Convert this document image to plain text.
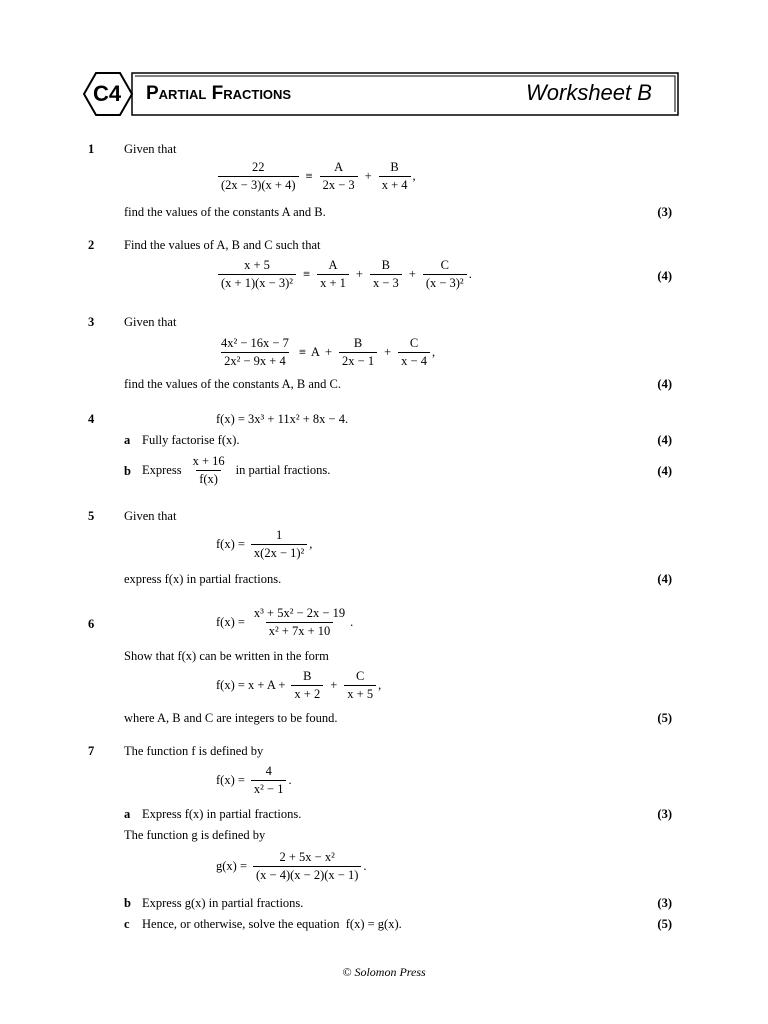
C4	Partial Fractions	Worksheet B
1 Given that
$\frac{22}{(2x - 3)(x + 4)} \equiv \frac{A}{2x - 3} + \frac{B}{x + 4}$ ,
find the values of the constants A and B.	(3)
2 Find the values of A, B and C such that
$\frac{x + 5}{\text{(x + 1)(x − 3)²}} \equiv \frac{A}{x + 1} + \frac{B}{x - 3} + \frac{C}{\text{(x − 3)²}}$ .	(4)
3 Given that
$\frac{\text{4x² − 16x − 7}}{\text{2x² − 9x + 4}} \equiv A + \frac{B}{2x - 1} + \frac{C}{x - 4}$ ,
find the values of the constants A, B and C.	(4)
4	f(x) = 3x³ + 11x² + 8x − 4.
a Fully factorise f(x).	(4)
b Express $\frac{x + 16}{f(x)}$ in partial fractions.	(4)
5 Given that
$f(x) = \frac{1}{\text{x(2x − 1)²}}$ ,
express f(x) in partial fractions.	(4)
6	$f(x) = \frac{\text{x³ + 5x² − 2x − 19}}{\text{x² + 7x + 10}}$ .
Show that f(x) can be written in the form
$f(x) = x + A + \frac{B}{x + 2} + \frac{C}{x + 5}$ ,
where A, B and C are integers to be found.	(5)
7 The function f is defined by
$f(x) = \frac{4}{\text{x² − 1}}$ .
a Express f(x) in partial fractions.	(3)
The function g is defined by
$g(x) = \frac{\text{2 + 5x − x²}}{(x - 4)(x - 2)(x - 1)}$ .
b Express g(x) in partial fractions.	(3)
c Hence, or otherwise, solve the equation  f(x) = g(x).	(5)
© Solomon Press
